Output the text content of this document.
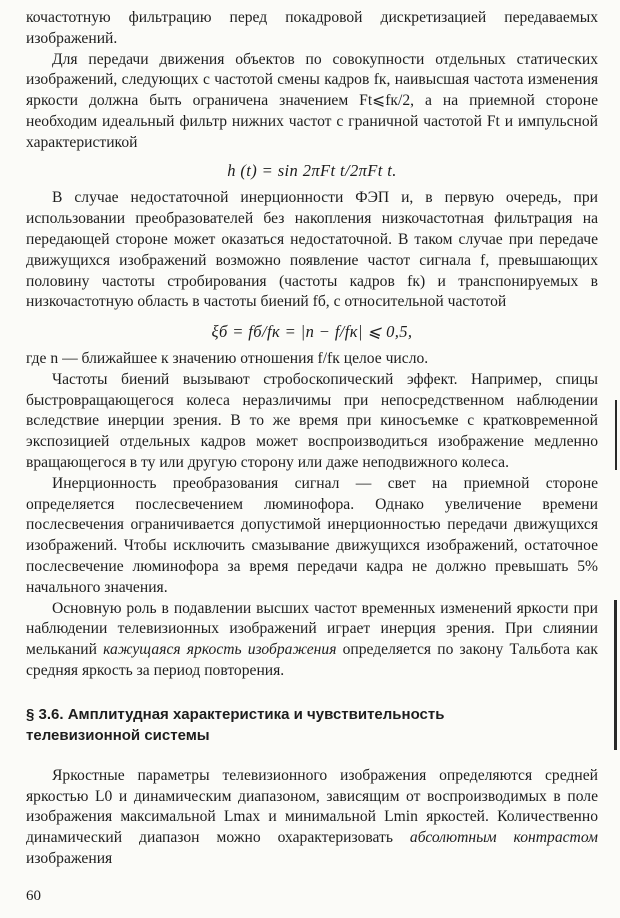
кочастотную фильтрацию перед покадровой дискретизацией передаваемых изображений.

Для передачи движения объектов по совокупности отдельных статических изображений, следующих с частотой смены кадров fк, наивысшая частота изменения яркости должна быть ограничена значением Ft⩽fк/2, а на приемной стороне необходим идеальный фильтр нижних частот с граничной частотой Ft и импульсной характеристикой

h (t) = sin 2πFt t/2πFt t.

В случае недостаточной инерционности ФЭП и, в первую очередь, при использовании преобразователей без накопления низкочастотная фильтрация на передающей стороне может оказаться недостаточной. В таком случае при передаче движущихся изображений возможно появление частот сигнала f, превышающих половину частоты стробирования (частоты кадров fк) и транспонируемых в низкочастотную область в частоты биений fб, с относительной частотой

ξб = fб/fк = |n − f/fк| ⩽ 0,5,

где n — ближайшее к значению отношения f/fк целое число.

Частоты биений вызывают стробоскопический эффект. Например, спицы быстровращающегося колеса неразличимы при непосредственном наблюдении вследствие инерции зрения. В то же время при киносъемке с кратковременной экспозицией отдельных кадров может воспроизводиться изображение медленно вращающегося в ту или другую сторону или даже неподвижного колеса.

Инерционность преобразования сигнал — свет на приемной стороне определяется послесвечением люминофора. Однако увеличение времени послесвечения ограничивается допустимой инерционностью передачи движущихся изображений. Чтобы исключить смазывание движущихся изображений, остаточное послесвечение люминофора за время передачи кадра не должно превышать 5% начального значения.

Основную роль в подавлении высших частот временных изменений яркости при наблюдении телевизионных изображений играет инерция зрения. При слиянии мельканий кажущаяся яркость изображения определяется по закону Тальбота как средняя яркость за период повторения.

§ 3.6. Амплитудная характеристика и чувствительность
телевизионной системы

Яркостные параметры телевизионного изображения определяются средней яркостью L0 и динамическим диапазоном, зависящим от воспроизводимых в поле изображения максимальной Lmax и минимальной Lmin яркостей. Количественно динамический диапазон можно охарактеризовать абсолютным контрастом изображения

60
